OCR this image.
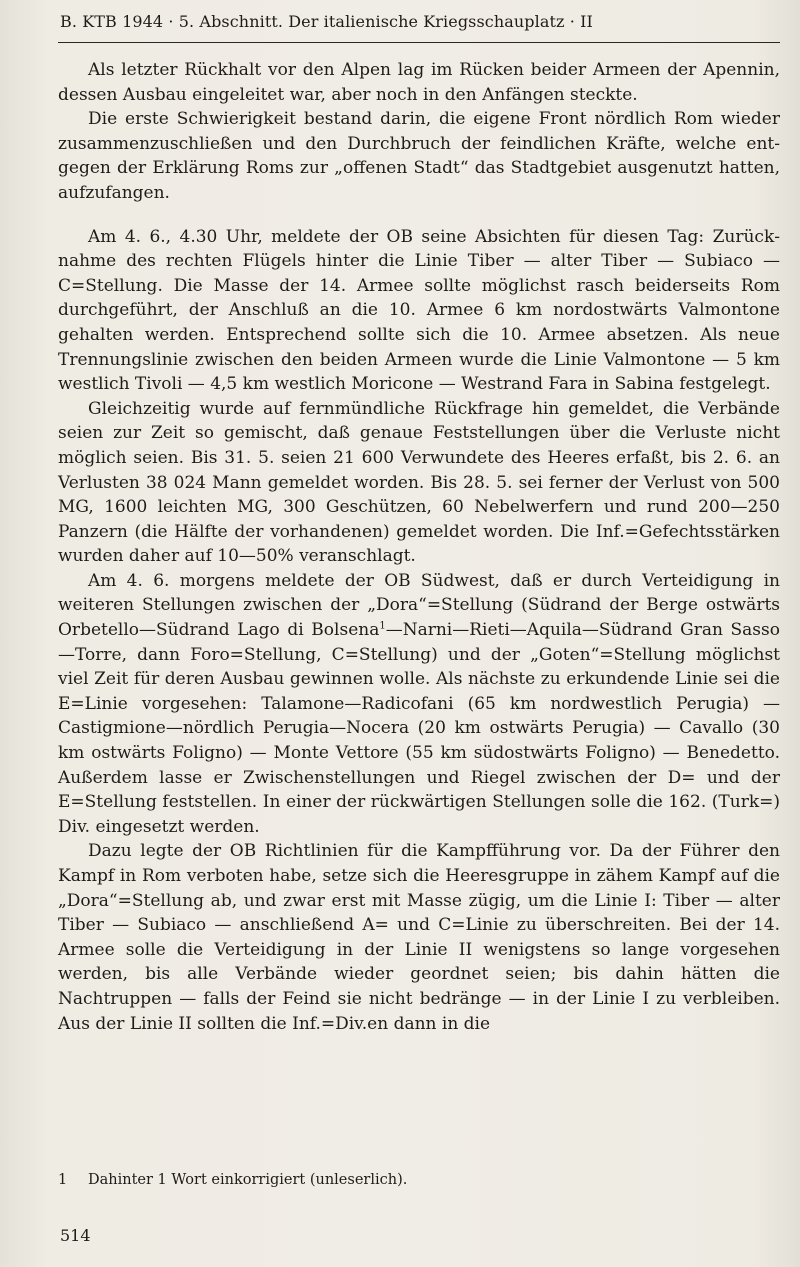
B. KTB 1944 · 5. Abschnitt. Der italienische Kriegsschauplatz · II

Als letzter Rückhalt vor den Alpen lag im Rücken beider Armeen der Apennin, dessen Ausbau eingeleitet war, aber noch in den Anfängen steckte.

Die erste Schwierigkeit bestand darin, die eigene Front nördlich Rom wieder zusammenzuschließen und den Durchbruch der feindlichen Kräfte, welche entgegen der Erklärung Roms zur „offenen Stadt“ das Stadtgebiet ausgenutzt hatten, aufzufangen.

Am 4. 6., 4.30 Uhr, meldete der OB seine Absichten für diesen Tag: Zurücknahme des rechten Flügels hinter die Linie Tiber — alter Tiber — Subiaco — C=Stellung. Die Masse der 14. Armee sollte möglichst rasch beiderseits Rom durchgeführt, der Anschluß an die 10. Armee 6 km nordostwärts Valmontone gehalten werden. Entsprechend sollte sich die 10. Armee absetzen. Als neue Trennungslinie zwischen den beiden Armeen wurde die Linie Valmontone — 5 km westlich Tivoli — 4,5 km westlich Moricone — Westrand Fara in Sabina festgelegt.

Gleichzeitig wurde auf fernmündliche Rückfrage hin gemeldet, die Verbände seien zur Zeit so gemischt, daß genaue Feststellungen über die Verluste nicht möglich seien. Bis 31. 5. seien 21 600 Verwundete des Heeres erfaßt, bis 2. 6. an Verlusten 38 024 Mann gemeldet worden. Bis 28. 5. sei ferner der Verlust von 500 MG, 1600 leichten MG, 300 Geschützen, 60 Nebelwerfern und rund 200—250 Panzern (die Hälfte der vorhandenen) gemeldet worden. Die Inf.=Gefechtsstärken wurden daher auf 10—50% veranschlagt.

Am 4. 6. morgens meldete der OB Südwest, daß er durch Verteidigung in weiteren Stellungen zwischen der „Dora“=Stellung (Südrand der Berge ostwärts Orbetello—Südrand Lago di Bolsena$^1$—Narni—Rieti—Aquila—Südrand Gran Sasso—Torre, dann Foro=Stellung, C=Stellung) und der „Goten“=Stellung möglichst viel Zeit für deren Ausbau gewinnen wolle. Als nächste zu erkundende Linie sei die E=Linie vorgesehen: Talamone—Radicofani (65 km nordwestlich Perugia) — Castigmione—nördlich Perugia—Nocera (20 km ostwärts Perugia) — Cavallo (30 km ostwärts Foligno) — Monte Vettore (55 km südostwärts Foligno) — Benedetto. Außerdem lasse er Zwischenstellungen und Riegel zwischen der D= und der E=Stellung feststellen. In einer der rückwärtigen Stellungen solle die 162. (Turk=) Div. eingesetzt werden.

Dazu legte der OB Richtlinien für die Kampfführung vor. Da der Führer den Kampf in Rom verboten habe, setze sich die Heeresgruppe in zähem Kampf auf die „Dora“=Stellung ab, und zwar erst mit Masse zügig, um die Linie I: Tiber — alter Tiber — Subiaco — anschließend A= und C=Linie zu überschreiten. Bei der 14. Armee solle die Verteidigung in der Linie II wenigstens so lange vorgesehen werden, bis alle Verbände wieder geordnet seien; bis dahin hätten die Nachtruppen — falls der Feind sie nicht bedränge — in der Linie I zu verbleiben. Aus der Linie II sollten die Inf.=Div.en dann in die

1 Dahinter 1 Wort einkorrigiert (unleserlich).
514
